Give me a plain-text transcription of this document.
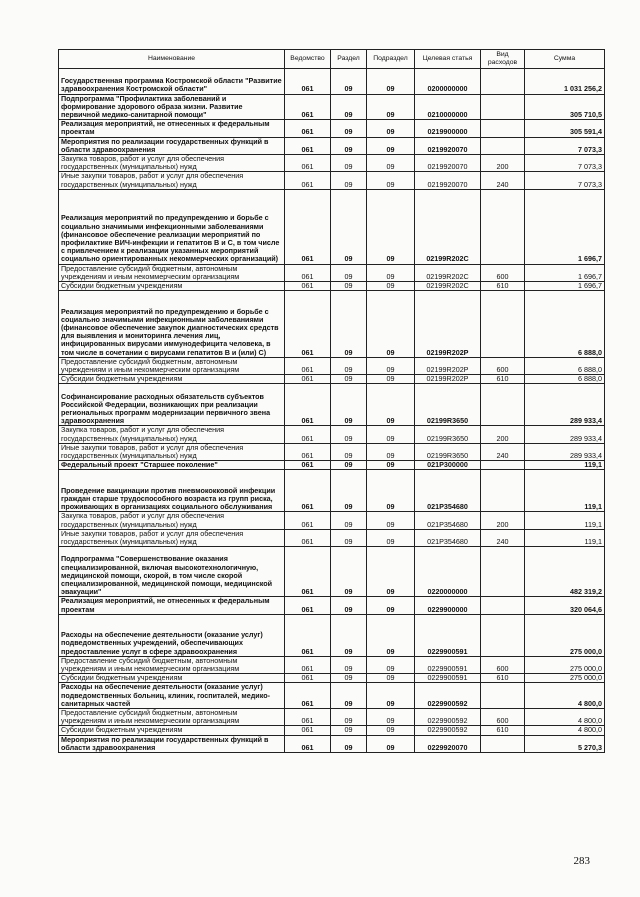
Наименование	Ведомство	Раздел	Подраздел	Целевая статья	Вид расходов	Сумма
Государственная программа Костромской области "Развитие здравоохранения Костромской области"	061	09	09	0200000000		1 031 256,2
Подпрограмма "Профилактика заболеваний и формирование здорового образа жизни. Развитие первичной медико-санитарной помощи"	061	09	09	0210000000		305 710,5
Реализация мероприятий, не отнесенных к федеральным проектам	061	09	09	0219900000		305 591,4
Мероприятия по реализации государственных функций в области здравоохранения	061	09	09	0219920070		7 073,3
Закупка товаров, работ и услуг для обеспечения государственных (муниципальных) нужд	061	09	09	0219920070	200	7 073,3
Иные закупки товаров, работ и услуг для обеспечения государственных (муниципальных) нужд	061	09	09	0219920070	240	7 073,3
Реализация мероприятий по предупреждению и борьбе с социально значимыми инфекционными заболеваниями (финансовое обеспечение реализации мероприятий по профилактике ВИЧ-инфекции и гепатитов В и С, в том числе с привлечением к реализации указанных мероприятий социально ориентированных некоммерческих организаций)	061	09	09	02199R202C		1 696,7
Предоставление субсидий бюджетным, автономным учреждениям и иным некоммерческим организациям	061	09	09	02199R202C	600	1 696,7
Субсидии бюджетным учреждениям	061	09	09	02199R202C	610	1 696,7
Реализация мероприятий по предупреждению и борьбе с социально значимыми инфекционными заболеваниями (финансовое обеспечение закупок диагностических средств для выявления и мониторинга лечения лиц, инфицированных вирусами иммунодефицита человека, в том числе в сочетании с вирусами гепатитов В и (или) С)	061	09	09	02199R202P		6 888,0
Предоставление субсидий бюджетным, автономным учреждениям и иным некоммерческим организациям	061	09	09	02199R202P	600	6 888,0
Субсидии бюджетным учреждениям	061	09	09	02199R202P	610	6 888,0
Софинансирование расходных обязательств субъектов Российской Федерации, возникающих при реализации региональных программ модернизации первичного звена здравоохранения	061	09	09	02199R3650		289 933,4
Закупка товаров, работ и услуг для обеспечения государственных (муниципальных) нужд	061	09	09	02199R3650	200	289 933,4
Иные закупки товаров, работ и услуг для обеспечения государственных (муниципальных) нужд	061	09	09	02199R3650	240	289 933,4
Федеральный проект "Старшее поколение"	061	09	09	021P300000		119,1
Проведение вакцинации против пневмококковой инфекции граждан старше трудоспособного возраста из групп риска, проживающих в организациях социального обслуживания	061	09	09	021P354680		119,1
Закупка товаров, работ и услуг для обеспечения государственных (муниципальных) нужд	061	09	09	021P354680	200	119,1
Иные закупки товаров, работ и услуг для обеспечения государственных (муниципальных) нужд	061	09	09	021P354680	240	119,1
Подпрограмма "Совершенствование оказания специализированной, включая высокотехнологичную, медицинской помощи, скорой, в том числе скорой специализированной, медицинской помощи, медицинской эвакуации"	061	09	09	0220000000		482 319,2
Реализация мероприятий, не отнесенных к федеральным проектам	061	09	09	0229900000		320 064,6
Расходы на обеспечение деятельности (оказание услуг) подведомственных учреждений, обеспечивающих предоставление услуг в сфере здравоохранения	061	09	09	0229900591		275 000,0
Предоставление субсидий бюджетным, автономным учреждениям и иным некоммерческим организациям	061	09	09	0229900591	600	275 000,0
Субсидии бюджетным учреждениям	061	09	09	0229900591	610	275 000,0
Расходы на обеспечение деятельности (оказание услуг) подведомственных больниц, клиник, госпиталей, медико-санитарных частей	061	09	09	0229900592		4 800,0
Предоставление субсидий бюджетным, автономным учреждениям и иным некоммерческим организациям	061	09	09	0229900592	600	4 800,0
Субсидии бюджетным учреждениям	061	09	09	0229900592	610	4 800,0
Мероприятия по реализации государственных функций в области здравоохранения	061	09	09	0229920070		5 270,3
283
